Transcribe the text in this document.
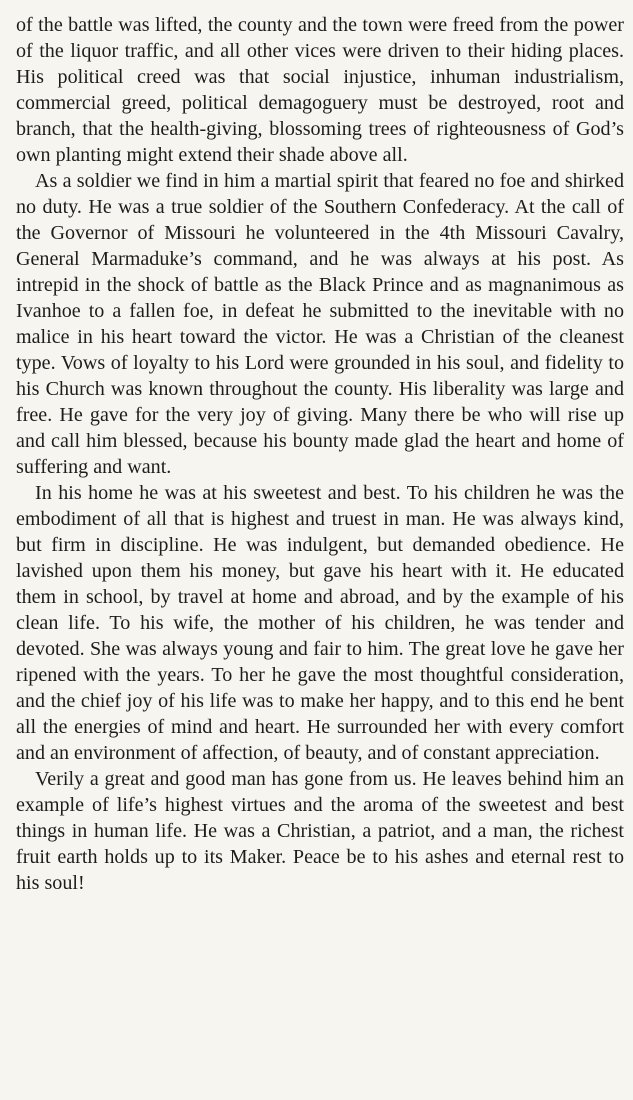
of the battle was lifted, the county and the town were freed from the power of the liquor traffic, and all other vices were driven to their hiding places. His political creed was that social injustice, inhuman industrialism, commercial greed, political demagoguery must be destroyed, root and branch, that the health-giving, blossoming trees of righteousness of God’s own planting might extend their shade above all.

As a soldier we find in him a martial spirit that feared no foe and shirked no duty. He was a true soldier of the Southern Confederacy. At the call of the Governor of Missouri he volunteered in the 4th Missouri Cavalry, General Marmaduke’s command, and he was always at his post. As intrepid in the shock of battle as the Black Prince and as magnanimous as Ivanhoe to a fallen foe, in defeat he submitted to the inevitable with no malice in his heart toward the victor. He was a Christian of the cleanest type. Vows of loyalty to his Lord were grounded in his soul, and fidelity to his Church was known throughout the county. His liberality was large and free. He gave for the very joy of giving. Many there be who will rise up and call him blessed, because his bounty made glad the heart and home of suffering and want.

In his home he was at his sweetest and best. To his children he was the embodiment of all that is highest and truest in man. He was always kind, but firm in discipline. He was indulgent, but demanded obedience. He lavished upon them his money, but gave his heart with it. He educated them in school, by travel at home and abroad, and by the example of his clean life. To his wife, the mother of his children, he was tender and devoted. She was always young and fair to him. The great love he gave her ripened with the years. To her he gave the most thoughtful consideration, and the chief joy of his life was to make her happy, and to this end he bent all the energies of mind and heart. He surrounded her with every comfort and an environment of affection, of beauty, and of constant appreciation.

Verily a great and good man has gone from us. He leaves behind him an example of life’s highest virtues and the aroma of the sweetest and best things in human life. He was a Christian, a patriot, and a man, the richest fruit earth holds up to its Maker. Peace be to his ashes and eternal rest to his soul!
